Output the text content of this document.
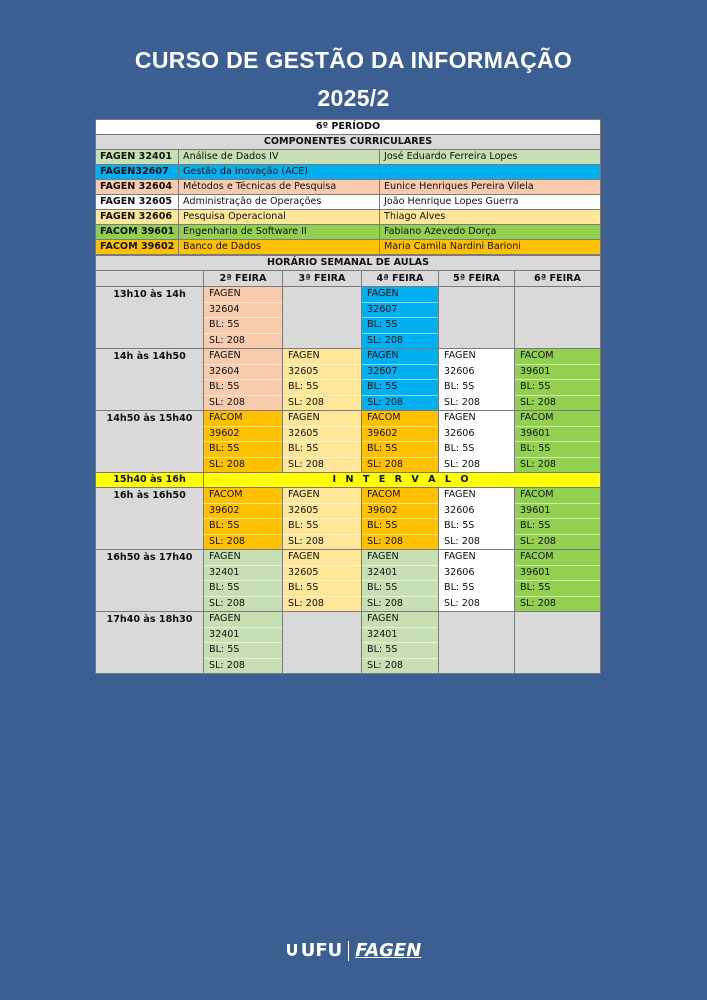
CURSO DE GESTÃO DA INFORMAÇÃO
2025/2
6º PERÍODO		
COMPONENTES CURRICULARES		
FAGEN 32401	Análise de Dados IV	José Eduardo Ferreira Lopes
FAGEN32607	Gestão da Inovação (ACE)	
FAGEN 32604	Métodos e Técnicas de Pesquisa	Eunice Henriques Pereira Vilela
FAGEN 32605	Administração de Operações	João Henrique Lopes Guerra
FAGEN 32606	Pesquisa Operacional	Thiago Alves
FACOM 39601	Engenharia de Software II	Fabiano Azevedo Dorça
FACOM 39602	Banco de Dados	Maria Camila Nardini Barioni
HORÁRIO SEMANAL DE AULAS					
	2ª FEIRA	3ª FEIRA	4ª FEIRA	5ª FEIRA	6ª FEIRA
13h10 às 14h	FAGEN
32604
BL: 5S
SL: 208		FAGEN
32607
BL: 5S
SL: 208		

14h às 14h50	FAGEN
32604
BL: 5S
SL: 208	FAGEN
32605
BL: 5S
SL: 208	FAGEN
32607
BL: 5S
SL: 208	FAGEN
32606
BL: 5S
SL: 208	FACOM
39601
BL: 5S
SL: 208

14h50 às 15h40	FACOM
39602
BL: 5S
SL: 208	FAGEN
32605
BL: 5S
SL: 208	FACOM
39602
BL: 5S
SL: 208	FAGEN
32606
BL: 5S
SL: 208	FACOM
39601
BL: 5S
SL: 208

15h40 às 16h	I N T E R V A L O				
16h às 16h50	FACOM
39602
BL: 5S
SL: 208	FAGEN
32605
BL: 5S
SL: 208	FACOM
39602
BL: 5S
SL: 208	FAGEN
32606
BL: 5S
SL: 208	FACOM
39601
BL: 5S
SL: 208

16h50 às 17h40	FAGEN
32401
BL: 5S
SL: 208	FAGEN
32605
BL: 5S
SL: 208	FAGEN
32401
BL: 5S
SL: 208	FAGEN
32606
BL: 5S
SL: 208	FACOM
39601
BL: 5S
SL: 208

17h40 às 18h30	FAGEN
32401
BL: 5S
SL: 208		FAGEN
32401
BL: 5S
SL: 208		

UFU FAGEN
